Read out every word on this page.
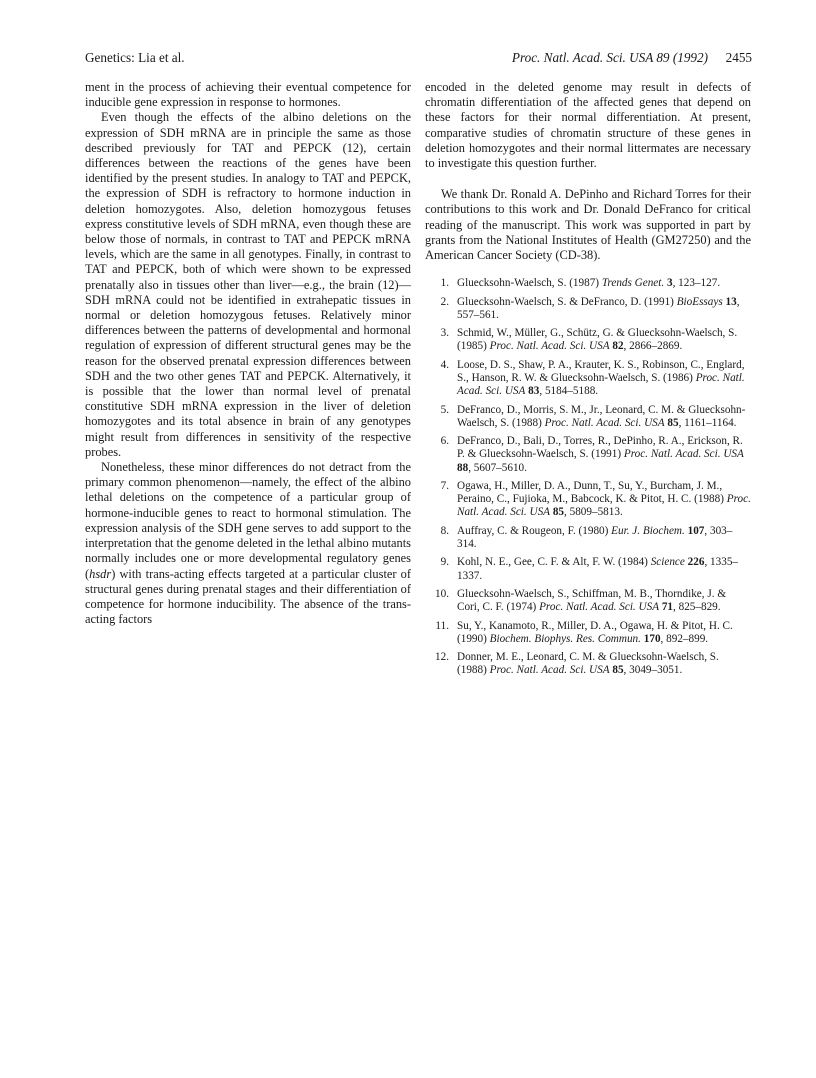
Genetics: Lia et al.	Proc. Natl. Acad. Sci. USA 89 (1992) 2455

ment in the process of achieving their eventual competence for inducible gene expression in response to hormones.

Even though the effects of the albino deletions on the expression of SDH mRNA are in principle the same as those described previously for TAT and PEPCK (12), certain differences between the reactions of the genes have been identified by the present studies. In analogy to TAT and PEPCK, the expression of SDH is refractory to hormone induction in deletion homozygotes. Also, deletion homozygous fetuses express constitutive levels of SDH mRNA, even though these are below those of normals, in contrast to TAT and PEPCK mRNA levels, which are the same in all genotypes. Finally, in contrast to TAT and PEPCK, both of which were shown to be expressed prenatally also in tissues other than liver—e.g., the brain (12)—SDH mRNA could not be identified in extrahepatic tissues in normal or deletion homozygous fetuses. Relatively minor differences between the patterns of developmental and hormonal regulation of expression of different structural genes may be the reason for the observed prenatal expression differences between SDH and the two other genes TAT and PEPCK. Alternatively, it is possible that the lower than normal level of prenatal constitutive SDH mRNA expression in the liver of deletion homozygotes and its total absence in brain of any genotypes might result from differences in sensitivity of the respective probes.

Nonetheless, these minor differences do not detract from the primary common phenomenon—namely, the effect of the albino lethal deletions on the competence of a particular group of hormone-inducible genes to react to hormonal stimulation. The expression analysis of the SDH gene serves to add support to the interpretation that the genome deleted in the lethal albino mutants normally includes one or more developmental regulatory genes (hsdr) with trans-acting effects targeted at a particular cluster of structural genes during prenatal stages and their differentiation of competence for hormone inducibility. The absence of the trans-acting factors

encoded in the deleted genome may result in defects of chromatin differentiation of the affected genes that depend on these factors for their normal differentiation. At present, comparative studies of chromatin structure of these genes in deletion homozygotes and their normal littermates are necessary to investigate this question further.

We thank Dr. Ronald A. DePinho and Richard Torres for their contributions to this work and Dr. Donald DeFranco for critical reading of the manuscript. This work was supported in part by grants from the National Institutes of Health (GM27250) and the American Cancer Society (CD-38).

1. Gluecksohn-Waelsch, S. (1987) Trends Genet. 3, 123–127.
2. Gluecksohn-Waelsch, S. & DeFranco, D. (1991) BioEssays 13, 557–561.
3. Schmid, W., Müller, G., Schütz, G. & Gluecksohn-Waelsch, S. (1985) Proc. Natl. Acad. Sci. USA 82, 2866–2869.
4. Loose, D. S., Shaw, P. A., Krauter, K. S., Robinson, C., Englard, S., Hanson, R. W. & Gluecksohn-Waelsch, S. (1986) Proc. Natl. Acad. Sci. USA 83, 5184–5188.
5. DeFranco, D., Morris, S. M., Jr., Leonard, C. M. & Gluecksohn-Waelsch, S. (1988) Proc. Natl. Acad. Sci. USA 85, 1161–1164.
6. DeFranco, D., Bali, D., Torres, R., DePinho, R. A., Erickson, R. P. & Gluecksohn-Waelsch, S. (1991) Proc. Natl. Acad. Sci. USA 88, 5607–5610.
7. Ogawa, H., Miller, D. A., Dunn, T., Su, Y., Burcham, J. M., Peraino, C., Fujioka, M., Babcock, K. & Pitot, H. C. (1988) Proc. Natl. Acad. Sci. USA 85, 5809–5813.
8. Auffray, C. & Rougeon, F. (1980) Eur. J. Biochem. 107, 303–314.
9. Kohl, N. E., Gee, C. F. & Alt, F. W. (1984) Science 226, 1335–1337.
10. Gluecksohn-Waelsch, S., Schiffman, M. B., Thorndike, J. & Cori, C. F. (1974) Proc. Natl. Acad. Sci. USA 71, 825–829.
11. Su, Y., Kanamoto, R., Miller, D. A., Ogawa, H. & Pitot, H. C. (1990) Biochem. Biophys. Res. Commun. 170, 892–899.
12. Donner, M. E., Leonard, C. M. & Gluecksohn-Waelsch, S. (1988) Proc. Natl. Acad. Sci. USA 85, 3049–3051.
